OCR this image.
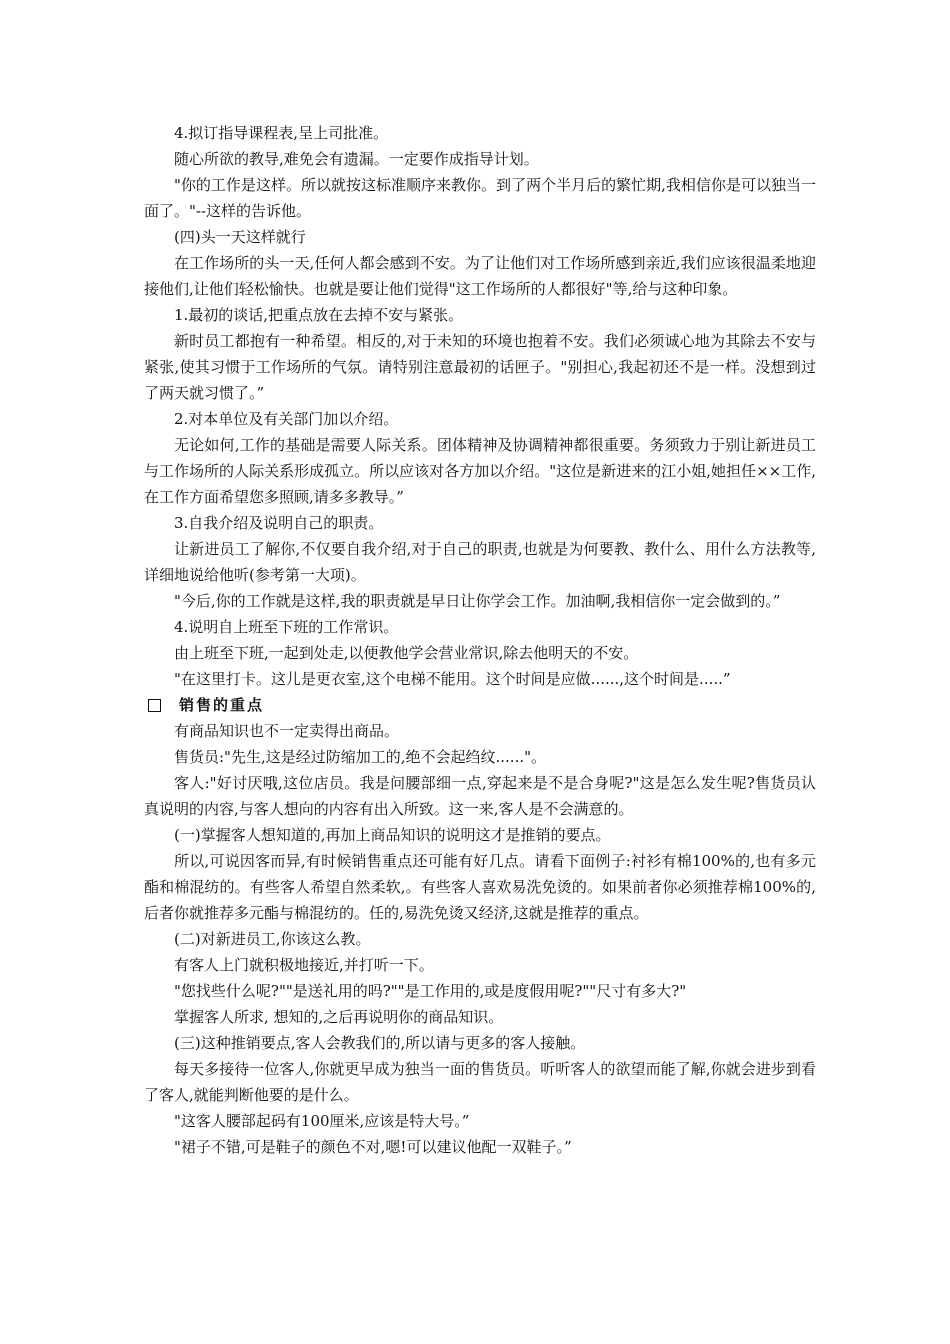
4.拟订指导课程表,呈上司批准。

随心所欲的教导,难免会有遗漏。一定要作成指导计划。

"你的工作是这样。所以就按这标准顺序来教你。到了两个半月后的繁忙期,我相信你是可以独当一面了。"--这样的告诉他。

(四)头一天这样就行

在工作场所的头一天,任何人都会感到不安。为了让他们对工作场所感到亲近,我们应该很温柔地迎接他们,让他们轻松愉快。也就是要让他们觉得"这工作场所的人都很好"等,给与这种印象。

1.最初的谈话,把重点放在去掉不安与紧张。

新时员工都抱有一种希望。相反的,对于未知的环境也抱着不安。我们必须诚心地为其除去不安与紧张,使其习惯于工作场所的气氛。请特别注意最初的话匣子。"别担心,我起初还不是一样。没想到过了两天就习惯了。”

2.对本单位及有关部门加以介绍。

无论如何,工作的基础是需要人际关系。团体精神及协调精神都很重要。务须致力于别让新进员工与工作场所的人际关系形成孤立。所以应该对各方加以介绍。"这位是新进来的江小姐,她担任××工作,在工作方面希望您多照顾,请多多教导。”

3.自我介绍及说明自己的职责。

让新进员工了解你,不仅要自我介绍,对于自己的职责,也就是为何要教、教什么、用什么方法教等,详细地说给他听(参考第一大项)。

"今后,你的工作就是这样,我的职责就是早日让你学会工作。加油啊,我相信你一定会做到的。”

4.说明自上班至下班的工作常识。

由上班至下班,一起到处走,以便教他学会营业常识,除去他明天的不安。

"在这里打卡。这儿是更衣室,这个电梯不能用。这个时间是应做......,这个时间是.....”

销售的重点

有商品知识也不一定卖得出商品。

售货员:"先生,这是经过防缩加工的,绝不会起绉纹......"。

客人:"好讨厌哦,这位店员。我是问腰部细一点,穿起来是不是合身呢?"这是怎么发生呢?售货员认真说明的内容,与客人想向的内容有出入所致。这一来,客人是不会满意的。

(一)掌握客人想知道的,再加上商品知识的说明这才是推销的要点。

所以,可说因客而异,有时候销售重点还可能有好几点。请看下面例子:衬衫有棉100%的,也有多元酯和棉混纺的。有些客人希望自然柔软,。有些客人喜欢易洗免烫的。如果前者你必须推荐棉100%的,后者你就推荐多元酯与棉混纺的。任的,易洗免烫又经济,这就是推荐的重点。

(二)对新进员工,你该这么教。

有客人上门就积极地接近,并打听一下。

"您找些什么呢?""是送礼用的吗?""是工作用的,或是度假用呢?""尺寸有多大?"

掌握客人所求, 想知的,之后再说明你的商品知识。

(三)这种推销要点,客人会教我们的,所以请与更多的客人接触。

每天多接待一位客人,你就更早成为独当一面的售货员。听听客人的欲望而能了解,你就会进步到看了客人,就能判断他要的是什么。

"这客人腰部起码有100厘米,应该是特大号。”

"裙子不错,可是鞋子的颜色不对,嗯!可以建议他配一双鞋子。”
